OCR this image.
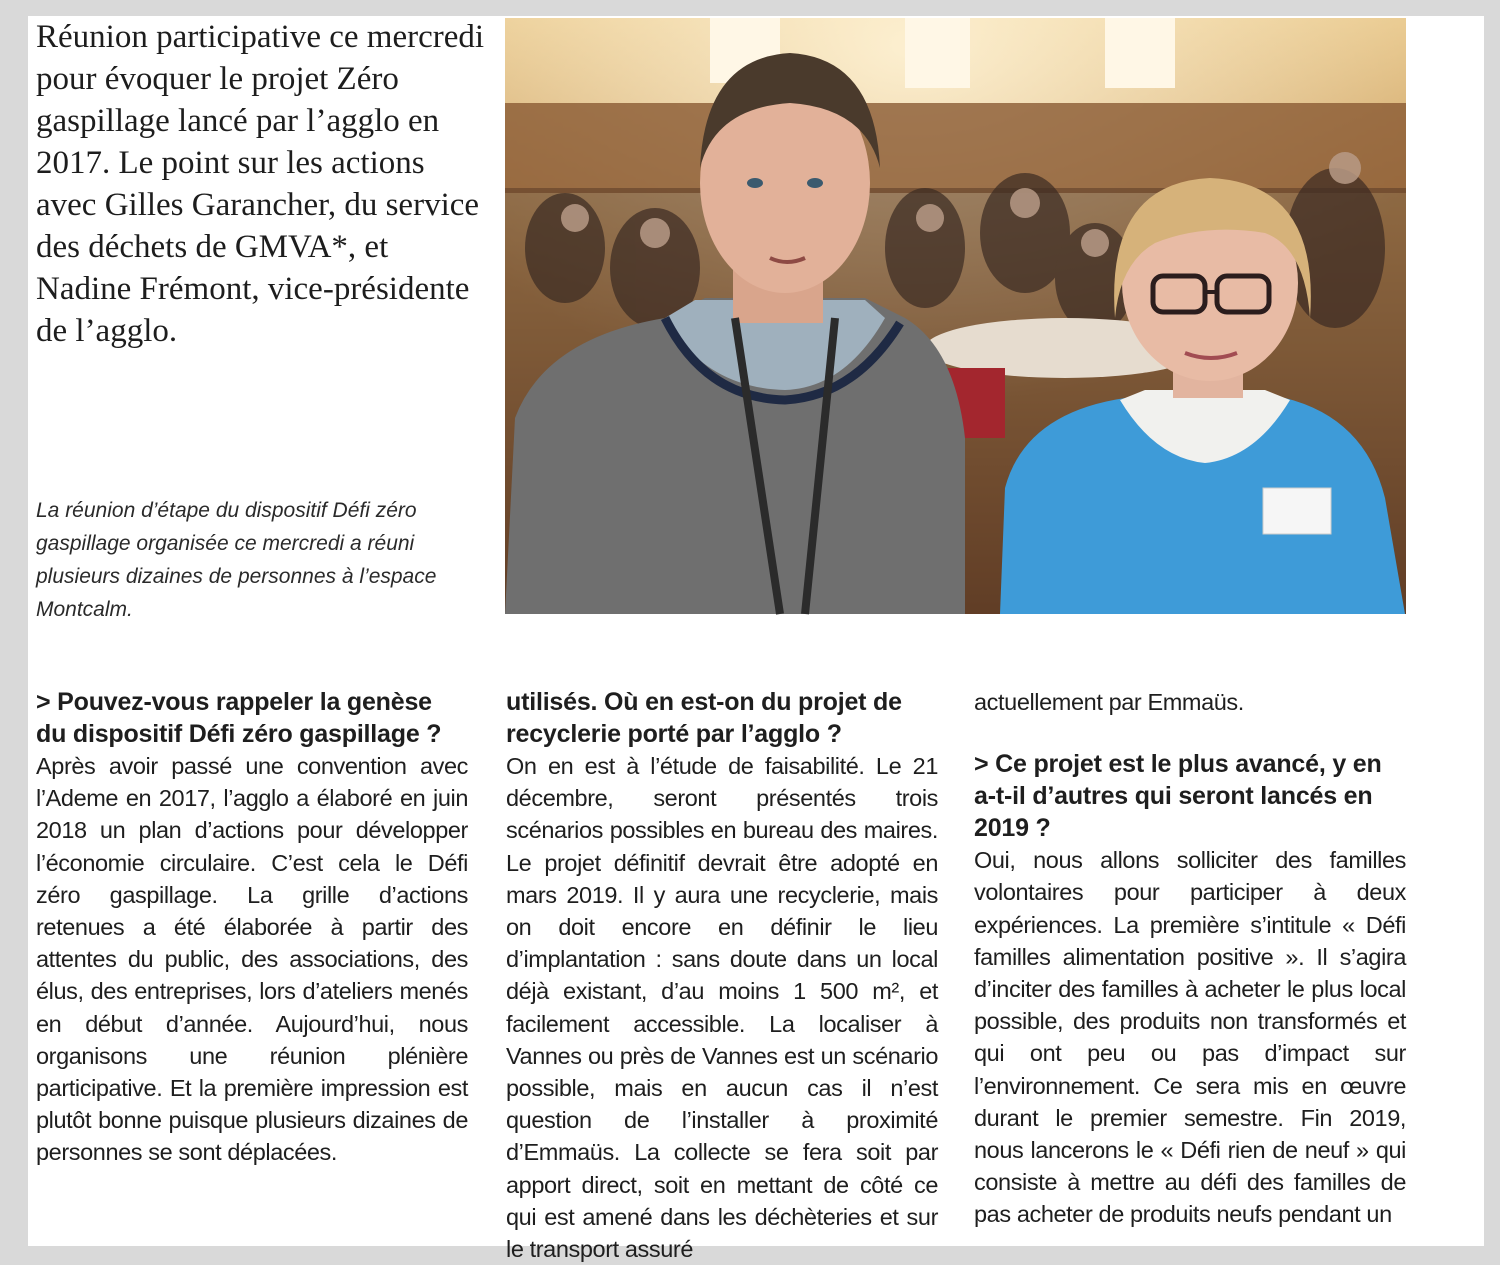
Réunion participative ce mercredi pour évoquer le projet Zéro gaspillage lancé par l’agglo en 2017. Le point sur les actions avec Gilles Garancher, du service des déchets de GMVA*, et Nadine Frémont, vice-présidente de l’agglo.

La réunion d’étape du dispositif Défi zéro gaspillage organisée ce mercredi a réuni plusieurs dizaines de personnes à l’espace Montcalm.

> Pouvez-vous rappeler la genèse du dispositif Défi zéro gaspillage ?

Après avoir passé une convention avec l’Ademe en 2017, l’agglo a élaboré en juin 2018 un plan d’actions pour développer l’économie circulaire. C’est cela le Défi zéro gaspillage. La grille d’actions retenues a été élaborée à partir des attentes du public, des associations, des élus, des entreprises, lors d’ateliers menés en début d’année. Aujourd’hui, nous organisons une réunion plénière participative. Et la première impression est plutôt bonne puisque plusieurs dizaines de personnes se sont déplacées.

utilisés. Où en est-on du projet de recyclerie porté par l’agglo ?

On en est à l’étude de faisabilité. Le 21 décembre, seront présentés trois scénarios possibles en bureau des maires. Le projet définitif devrait être adopté en mars 2019. Il y aura une recyclerie, mais on doit encore en définir le lieu d’implantation : sans doute dans un local déjà existant, d’au moins 1 500 m², et facilement accessible. La localiser à Vannes ou près de Vannes est un scénario possible, mais en aucun cas il n’est question de l’installer à proximité d’Emmaüs. La collecte se fera soit par apport direct, soit en mettant de côté ce qui est amené dans les déchèteries et sur le transport assuré

actuellement par Emmaüs.

> Ce projet est le plus avancé, y en a-t-il d’autres qui seront lancés en 2019 ?

Oui, nous allons solliciter des familles volontaires pour participer à deux expériences. La première s’intitule « Défi familles alimentation positive ». Il s’agira d’inciter des familles à acheter le plus local possible, des produits non transformés et qui ont peu ou pas d’impact sur l’environnement. Ce sera mis en œuvre durant le premier semestre. Fin 2019, nous lancerons le « Défi rien de neuf » qui consiste à mettre au défi des familles de pas acheter de produits neufs pendant un
